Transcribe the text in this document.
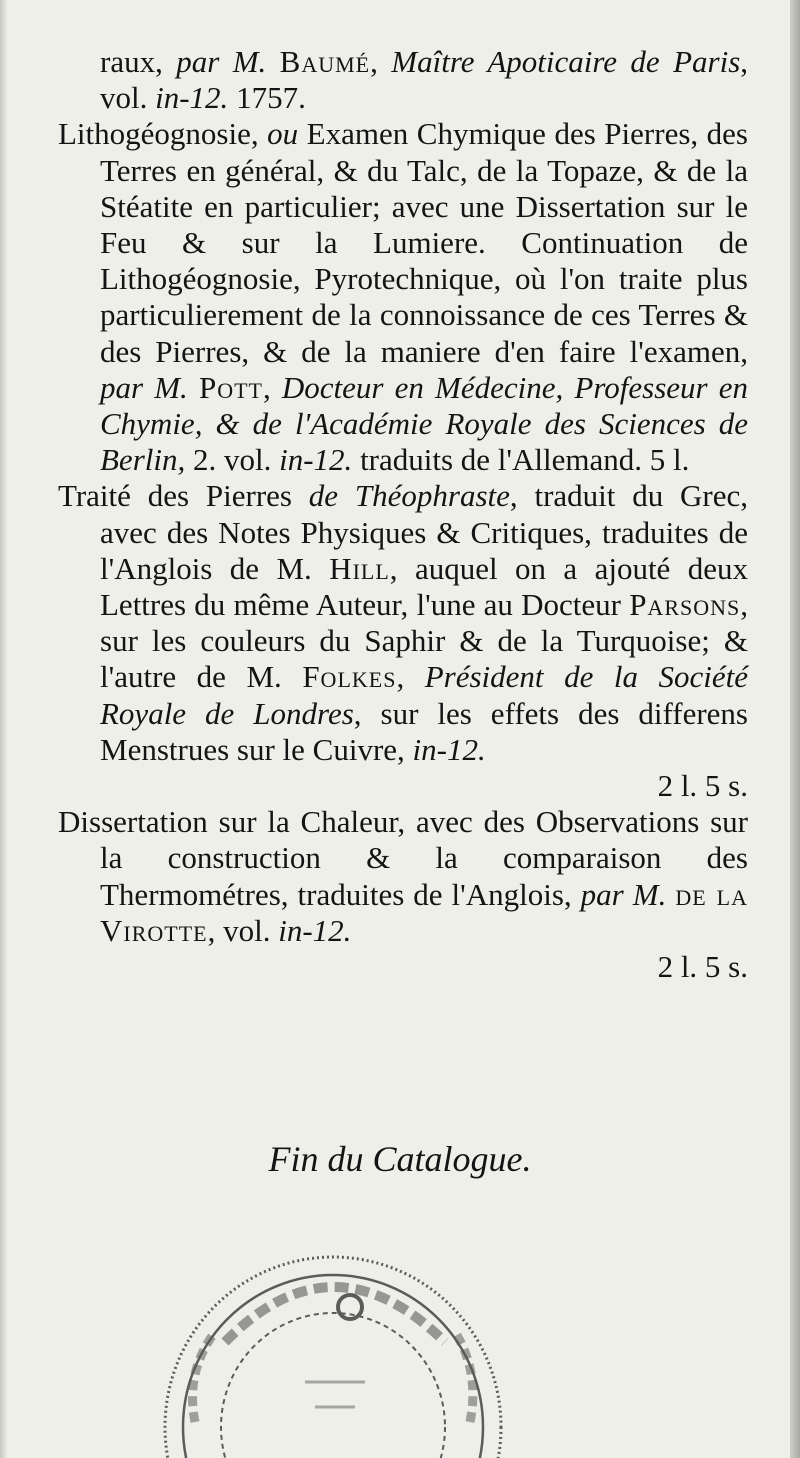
raux, par M. Baumé, Maître Apoticaire de Paris, vol. in-12. 1757.

Lithogéognosie, ou Examen Chymique des Pierres, des Terres en général, & du Talc, de la Topaze, & de la Stéatite en particulier; avec une Dissertation sur le Feu & sur la Lumiere. Continuation de Lithogéognosie, Pyrotechnique, où l'on traite plus particulierement de la connoissance de ces Terres & des Pierres, & de la maniere d'en faire l'examen, par M. Pott, Docteur en Médecine, Professeur en Chymie, & de l'Académie Royale des Sciences de Berlin, 2. vol. in-12. traduits de l'Allemand. 5 l.

Traité des Pierres de Théophraste, traduit du Grec, avec des Notes Physiques & Critiques, traduites de l'Anglois de M. Hill, auquel on a ajouté deux Lettres du même Auteur, l'une au Docteur Parsons, sur les couleurs du Saphir & de la Turquoise; & l'autre de M. Folkes, Président de la Société Royale de Londres, sur les effets des differens Menstrues sur le Cuivre, in-12.
2 l. 5 s.

Dissertation sur la Chaleur, avec des Observations sur la construction & la comparaison des Thermométres, traduites de l'Anglois, par M. de la Virotte, vol. in-12.
2 l. 5 s.

Fin du Catalogue.
